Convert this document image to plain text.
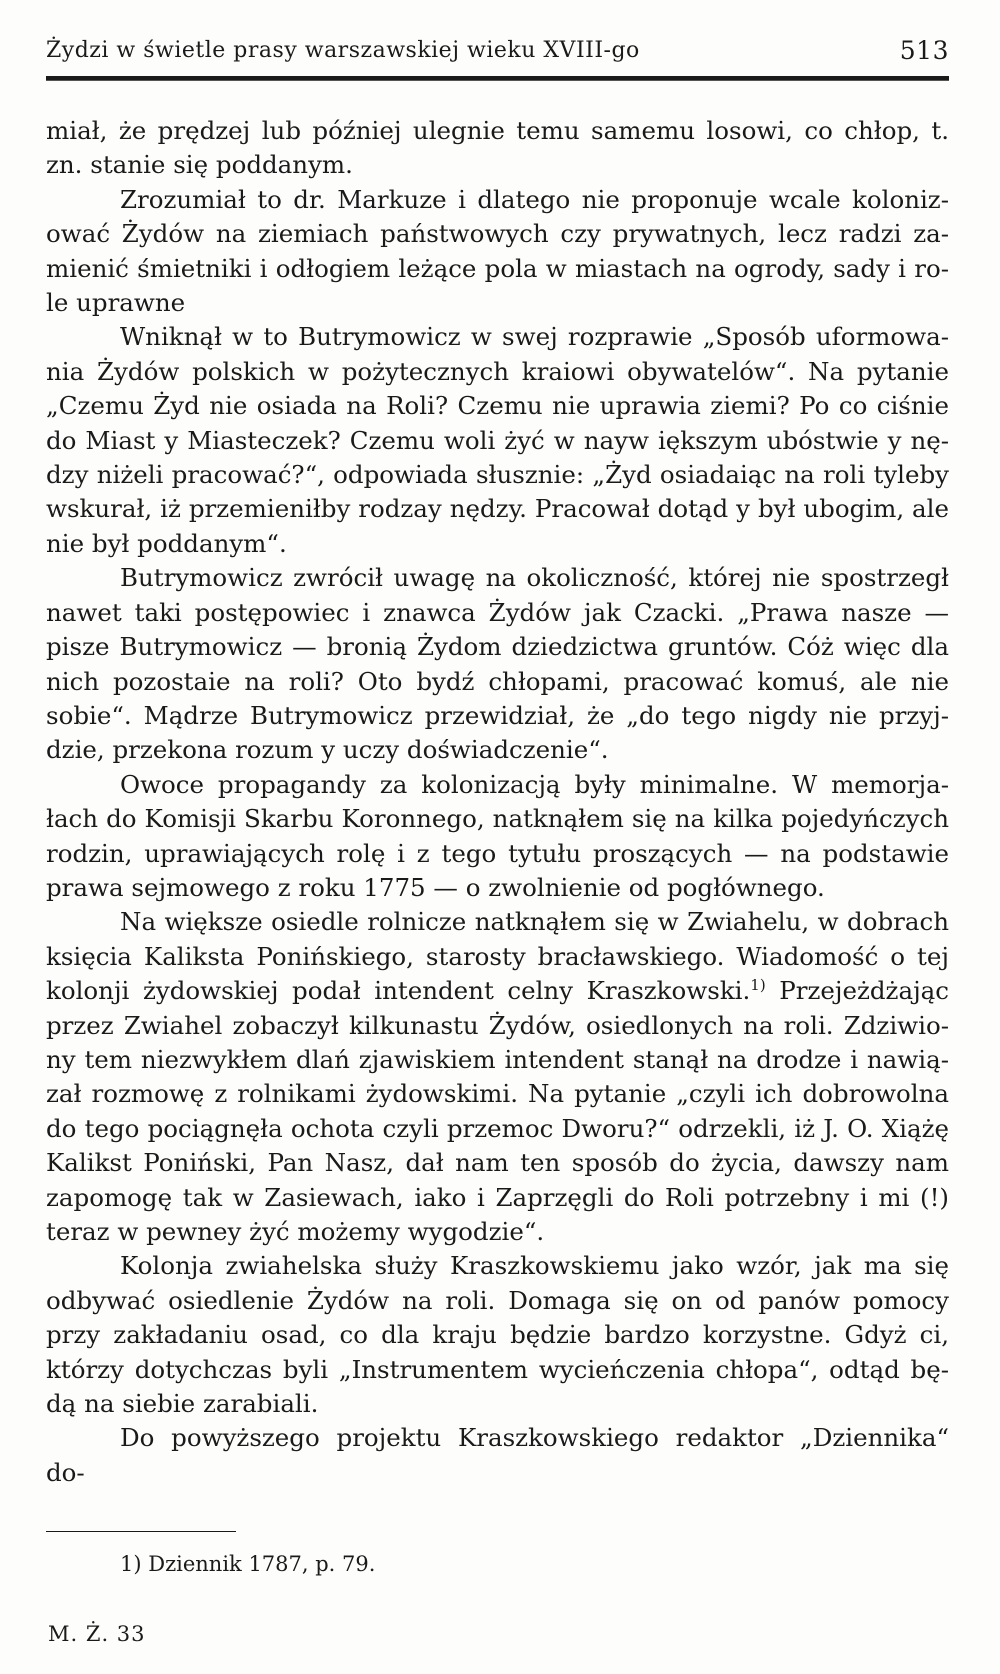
Żydzi w świetle prasy warszawskiej wieku XVIII-go	513

miał, że prędzej lub później ulegnie temu samemu losowi, co chłop, t. zn. stanie się poddanym.

Zrozumiał to dr. Markuze i dlatego nie proponuje wcale kolonizować Żydów na ziemiach państwowych czy prywatnych, lecz radzi zamienić śmietniki i odłogiem leżące pola w miastach na ogrody, sady i role uprawne

Wniknął w to Butrymowicz w swej rozprawie „Sposób uformowania Żydów polskich w pożytecznych kraiowi obywatelów“. Na pytanie „Czemu Żyd nie osiada na Roli? Czemu nie uprawia ziemi? Po co ciśnie do Miast y Miasteczek? Czemu woli żyć w nayw iększym ubóstwie y nędzy niżeli pracować?“, odpowiada słusznie: „Żyd osiadaiąc na roli tyleby wskurał, iż przemieniłby rodzay nędzy. Pracował dotąd y był ubogim, ale nie był poddanym“.

Butrymowicz zwrócił uwagę na okoliczność, której nie spostrzegł nawet taki postępowiec i znawca Żydów jak Czacki. „Prawa nasze — pisze Butrymowicz — bronią Żydom dziedzictwa gruntów. Cóż więc dla nich pozostaie na roli? Oto bydź chłopami, pracować komuś, ale nie sobie“. Mądrze Butrymowicz przewidział, że „do tego nigdy nie przyjdzie, przekona rozum y uczy doświadczenie“.

Owoce propagandy za kolonizacją były minimalne. W memorjałach do Komisji Skarbu Koronnego, natknąłem się na kilka pojedyńczych rodzin, uprawiających rolę i z tego tytułu proszących — na podstawie prawa sejmowego z roku 1775 — o zwolnienie od pogłównego.

Na większe osiedle rolnicze natknąłem się w Zwiahelu, w dobrach księcia Kaliksta Ponińskiego, starosty bracławskiego. Wiadomość o tej kolonji żydowskiej podał intendent celny Kraszkowski.$^{1)}$ Przejeżdżając przez Zwiahel zobaczył kilkunastu Żydów, osiedlonych na roli. Zdziwiony tem niezwykłem dlań zjawiskiem intendent stanął na drodze i nawiązał rozmowę z rolnikami żydowskimi. Na pytanie „czyli ich dobrowolna do tego pociągnęła ochota czyli przemoc Dworu?“ odrzekli, iż J. O. Xiążę Kalikst Poniński, Pan Nasz, dał nam ten sposób do życia, dawszy nam zapomogę tak w Zasiewach, iako i Zaprzęgli do Roli potrzebny i mi (!) teraz w pewney żyć możemy wygodzie“.

Kolonja zwiahelska służy Kraszkowskiemu jako wzór, jak ma się odbywać osiedlenie Żydów na roli. Domaga się on od panów pomocy przy zakładaniu osad, co dla kraju będzie bardzo korzystne. Gdyż ci, którzy dotychczas byli „Instrumentem wycieńczenia chłopa“, odtąd będą na siebie zarabiali.

Do powyższego projektu Kraszkowskiego redaktor „Dziennika“ do-

1) Dziennik 1787, p. 79.
M. Ż. 33
